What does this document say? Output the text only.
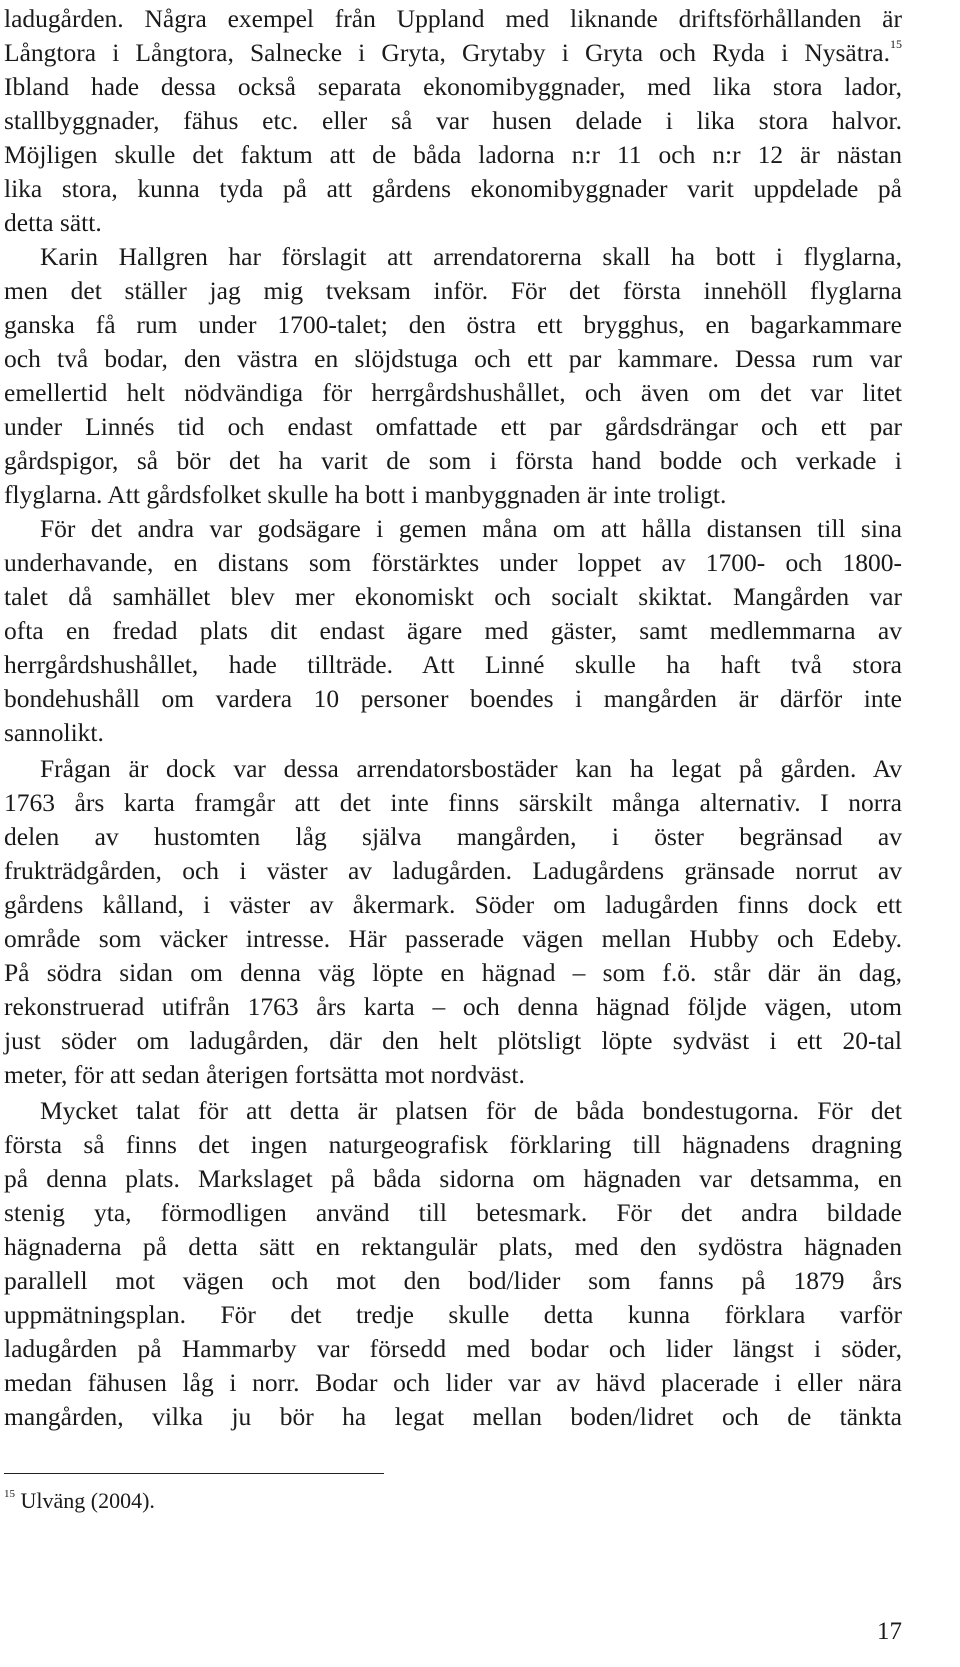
ladugården. Några exempel från Uppland med liknande driftsförhållanden är
Långtora i Långtora, Salnecke i Gryta, Grytaby i Gryta och Ryda i Nysätra.$^{15}$
Ibland hade dessa också separata ekonomibyggnader, med lika stora lador,
stallbyggnader, fähus etc. eller så var husen delade i lika stora halvor.
Möjligen skulle det faktum att de båda ladorna n:r 11 och n:r 12 är nästan
lika stora, kunna tyda på att gårdens ekonomibyggnader varit uppdelade på
detta sätt.
Karin Hallgren har förslagit att arrendatorerna skall ha bott i flyglarna,
men det ställer jag mig tveksam inför. För det första innehöll flyglarna
ganska få rum under 1700-talet; den östra ett brygghus, en bagarkammare
och två bodar, den västra en slöjdstuga och ett par kammare. Dessa rum var
emellertid helt nödvändiga för herrgårdshushållet, och även om det var litet
under Linnés tid och endast omfattade ett par gårdsdrängar och ett par
gårdspigor, så bör det ha varit de som i första hand bodde och verkade i
flyglarna. Att gårdsfolket skulle ha bott i manbyggnaden är inte troligt.
För det andra var godsägare i gemen måna om att hålla distansen till sina
underhavande, en distans som förstärktes under loppet av 1700- och 1800-
talet då samhället blev mer ekonomiskt och socialt skiktat. Mangården var
ofta en fredad plats dit endast ägare med gäster, samt medlemmarna av
herrgårdshushållet, hade tillträde. Att Linné skulle ha haft två stora
bondehushåll om vardera 10 personer boendes i mangården är därför inte
sannolikt.
Frågan är dock var dessa arrendatorsbostäder kan ha legat på gården. Av
1763 års karta framgår att det inte finns särskilt många alternativ. I norra
delen av hustomten låg själva mangården, i öster begränsad av
frukträdgården, och i väster av ladugården. Ladugårdens gränsade norrut av
gårdens kålland, i väster av åkermark. Söder om ladugården finns dock ett
område som väcker intresse. Här passerade vägen mellan Hubby och Edeby.
På södra sidan om denna väg löpte en hägnad – som f.ö. står där än dag,
rekonstruerad utifrån 1763 års karta – och denna hägnad följde vägen, utom
just söder om ladugården, där den helt plötsligt löpte sydväst i ett 20-tal
meter, för att sedan återigen fortsätta mot nordväst.
Mycket talat för att detta är platsen för de båda bondestugorna. För det
första så finns det ingen naturgeografisk förklaring till hägnadens dragning
på denna plats. Markslaget på båda sidorna om hägnaden var detsamma, en
stenig yta, förmodligen använd till betesmark. För det andra bildade
hägnaderna på detta sätt en rektangulär plats, med den sydöstra hägnaden
parallell mot vägen och mot den bod/lider som fanns på 1879 års
uppmätningsplan. För det tredje skulle detta kunna förklara varför
ladugården på Hammarby var försedd med bodar och lider längst i söder,
medan fähusen låg i norr. Bodar och lider var av hävd placerade i eller nära
mangården, vilka ju bör ha legat mellan boden/lidret och de tänkta
$^{15}$ Ulväng (2004).
17
